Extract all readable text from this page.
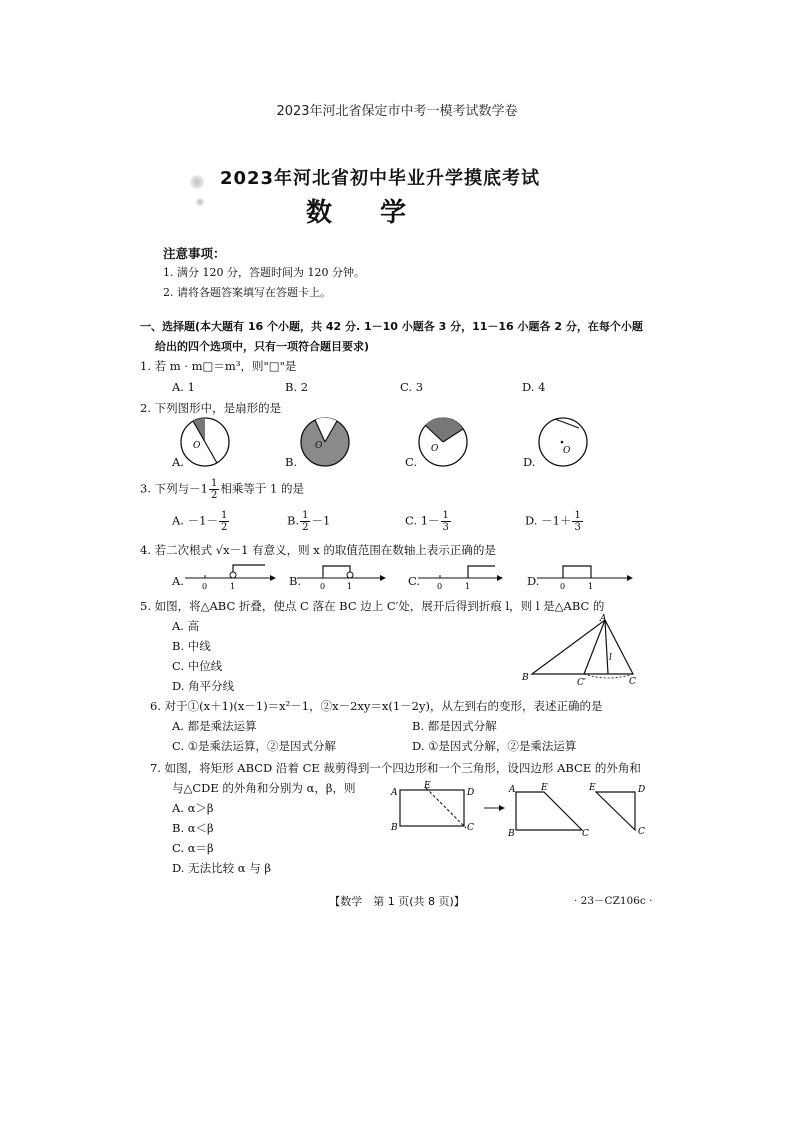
2023年河北省保定市中考一模考试数学卷
2023年河北省初中毕业升学摸底考试
数学
注意事项：
1. 满分 120 分，答题时间为 120 分钟。
2. 请将各题答案填写在答题卡上。
一、选择题(本大题有 16 个小题，共 42 分. 1－10 小题各 3 分，11－16 小题各 2 分，在每个小题
给出的四个选项中，只有一项符合题目要求)
1. 若 m · m□＝m³，则"□"是
A. 1	B. 2	C. 3	D. 4
2. 下列图形中，是扇形的是
O	O	O	O
A.	B.	C.	D.
3. 下列与$-1 \frac{1}{2}$ 相乘等于 1 的是
A. $-1- \frac{1}{2}$	B. $\frac{1}{2} -1$	C. $1- \frac{1}{3}$	D. $-1+ \frac{1}{3}$
4. 若二次根式 √x－1 有意义，则 x 的取值范围在数轴上表示正确的是
A.	B.	C.	D.
0	1	0	1	0	1	0	1
5. 如图，将△ABC 折叠，使点 C 落在 BC 边上 C′处，展开后得到折痕 l，则 l 是△ABC 的
A. 高
B. 中线
C. 中位线
D. 角平分线
A
B	C
C′
l
6. 对于①(x＋1)(x－1)＝x²－1，②x－2xy＝x(1－2y)，从左到右的变形，表述正确的是
A. 都是乘法运算	B. 都是因式分解
C. ①是乘法运算，②是因式分解	D. ①是因式分解，②是乘法运算
7. 如图，将矩形 ABCD 沿着 CE 裁剪得到一个四边形和一个三角形，设四边形 ABCE 的外角和
与△CDE 的外角和分别为 α，β，则
A. α＞β
B. α＜β
C. α＝β
D. 无法比较 α 与 β
A
E
D
B	C
A	E
B	C
E	D
C
【数学　第 1 页(共 8 页)】	· 23－CZ106c ·
